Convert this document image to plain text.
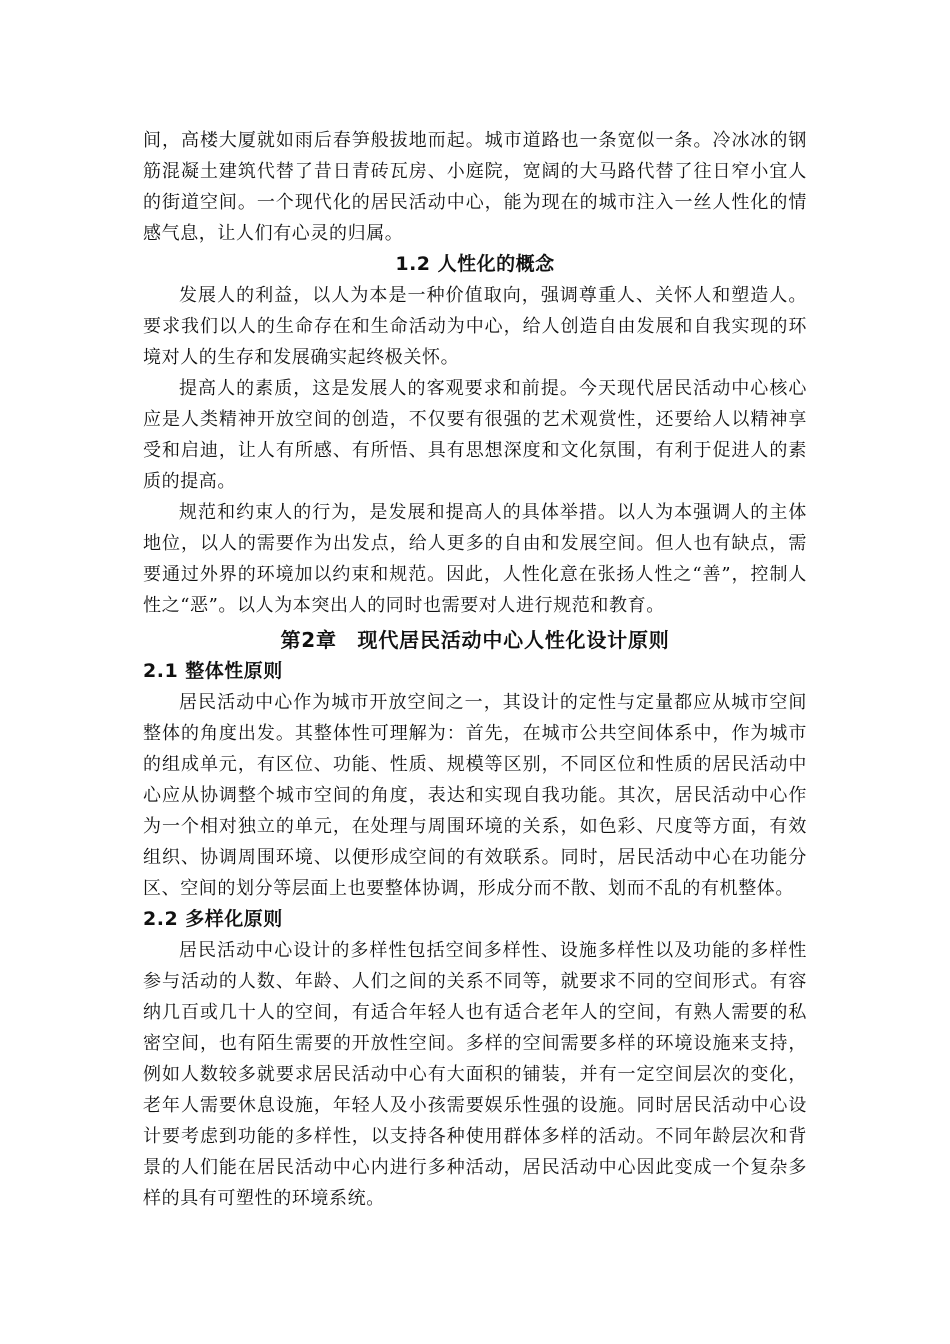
间，高楼大厦就如雨后春笋般拔地而起。城市道路也一条宽似一条。冷冰冰的钢筋混凝土建筑代替了昔日青砖瓦房、小庭院，宽阔的大马路代替了往日窄小宜人的街道空间。一个现代化的居民活动中心，能为现在的城市注入一丝人性化的情感气息，让人们有心灵的归属。

1.2 人性化的概念

发展人的利益，以人为本是一种价值取向，强调尊重人、关怀人和塑造人。要求我们以人的生命存在和生命活动为中心，给人创造自由发展和自我实现的环境对人的生存和发展确实起终极关怀。

提高人的素质，这是发展人的客观要求和前提。今天现代居民活动中心核心应是人类精神开放空间的创造，不仅要有很强的艺术观赏性，还要给人以精神享受和启迪，让人有所感、有所悟、具有思想深度和文化氛围，有利于促进人的素质的提高。

规范和约束人的行为，是发展和提高人的具体举措。以人为本强调人的主体地位，以人的需要作为出发点，给人更多的自由和发展空间。但人也有缺点，需要通过外界的环境加以约束和规范。因此，人性化意在张扬人性之“善”，控制人性之“恶”。以人为本突出人的同时也需要对人进行规范和教育。

第2章　现代居民活动中心人性化设计原则
2.1 整体性原则

居民活动中心作为城市开放空间之一，其设计的定性与定量都应从城市空间整体的角度出发。其整体性可理解为：首先，在城市公共空间体系中，作为城市的组成单元，有区位、功能、性质、规模等区别，不同区位和性质的居民活动中心应从协调整个城市空间的角度，表达和实现自我功能。其次，居民活动中心作为一个相对独立的单元，在处理与周围环境的关系，如色彩、尺度等方面，有效组织、协调周围环境、以便形成空间的有效联系。同时，居民活动中心在功能分区、空间的划分等层面上也要整体协调，形成分而不散、划而不乱的有机整体。

2.2 多样化原则

居民活动中心设计的多样性包括空间多样性、设施多样性以及功能的多样性参与活动的人数、年龄、人们之间的关系不同等，就要求不同的空间形式。有容纳几百或几十人的空间，有适合年轻人也有适合老年人的空间，有熟人需要的私密空间，也有陌生需要的开放性空间。多样的空间需要多样的环境设施来支持，例如人数较多就要求居民活动中心有大面积的铺装，并有一定空间层次的变化，老年人需要休息设施，年轻人及小孩需要娱乐性强的设施。同时居民活动中心设计要考虑到功能的多样性，以支持各种使用群体多样的活动。不同年龄层次和背景的人们能在居民活动中心内进行多种活动，居民活动中心因此变成一个复杂多样的具有可塑性的环境系统。
